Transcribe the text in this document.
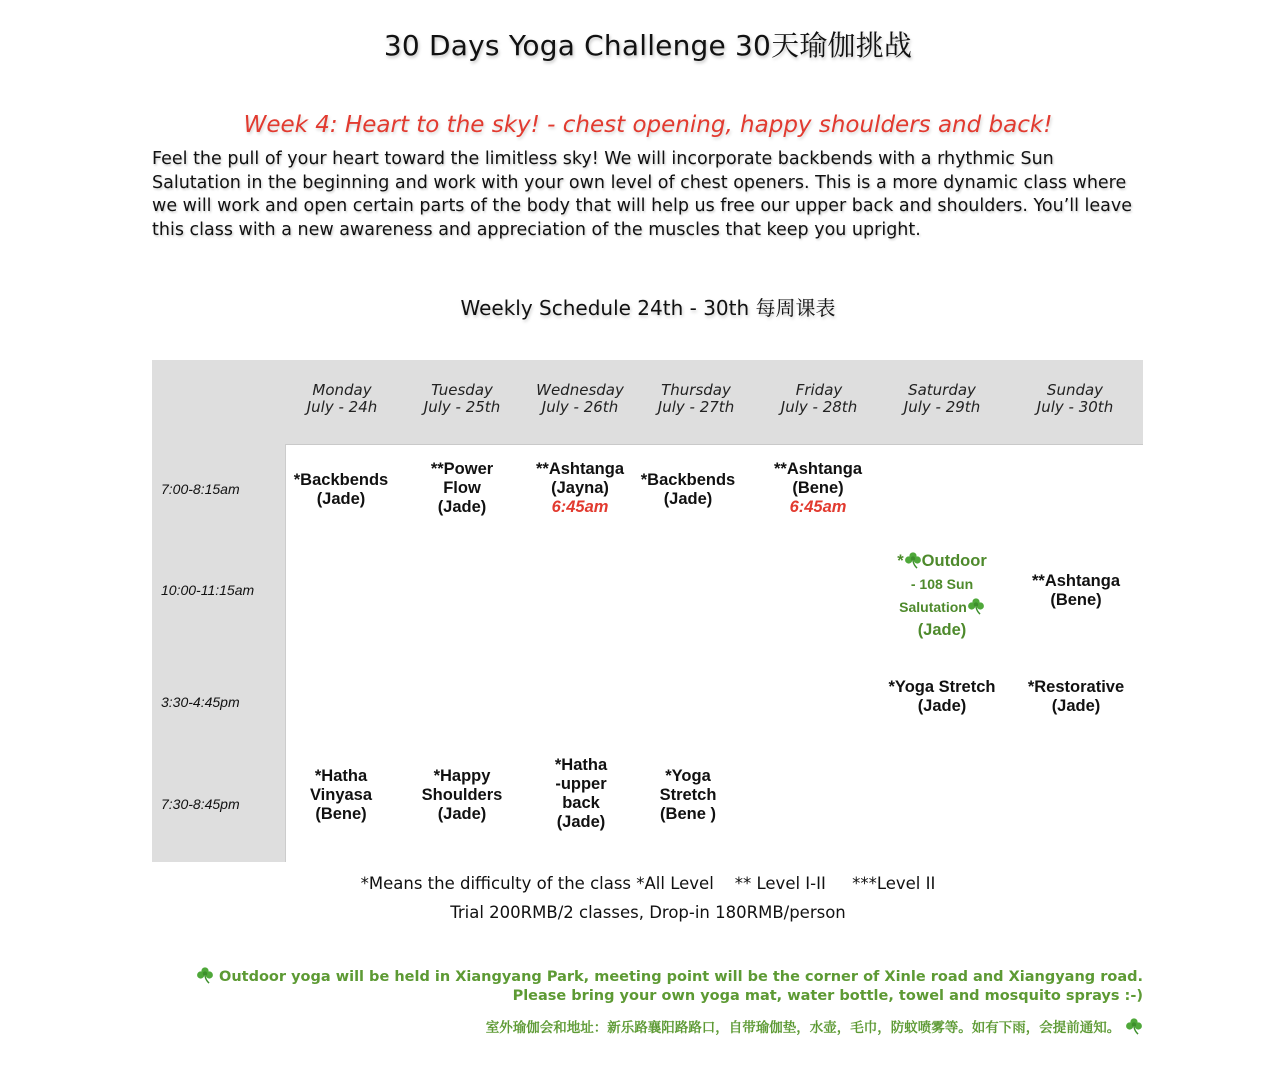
30 Days Yoga Challenge 30天瑜伽挑战
Week 4: Heart to the sky! - chest opening, happy shoulders and back!
Feel the pull of your heart toward the limitless sky! We will incorporate backbends with a rhythmic Sun Salutation in the beginning and work with your own level of chest openers. This is a more dynamic class where we will work and open certain parts of the body that will help us free our upper back and shoulders. You’ll leave this class with a new awareness and appreciation of the muscles that keep you upright.
Weekly Schedule 24th - 30th 每周课表
Monday
July - 24h
Tuesday
July - 25th
Wednesday
July - 26th
Thursday
July - 27th
Friday
July - 28th
Saturday
July - 29th
Sunday
July - 30th
7:00-8:15am
10:00-11:15am
3:30-4:45pm
7:30-8:45pm
*Backbends
(Jade)
**Power
Flow
(Jade)
**Ashtanga
(Jayna)
6:45am
*Backbends
(Jade)
**Ashtanga
(Bene)
6:45am
* Outdoor
- 108 Sun
Salutation
(Jade)
**Ashtanga
(Bene)
*Yoga Stretch
(Jade)
*Restorative
(Jade)
*Hatha
Vinyasa
(Bene)
*Happy
Shoulders
(Jade)
*Hatha
-upper
back
(Jade)
*Yoga
Stretch
(Bene )
*Means the difficulty of the class *All Level    ** Level I-II     ***Level II
Trial 200RMB/2 classes, Drop-in 180RMB/person
Outdoor yoga will be held in Xiangyang Park, meeting point will be the corner of Xinle road and Xiangyang road.
Please bring your own yoga mat, water bottle, towel and mosquito sprays :-)
室外瑜伽会和地址：新乐路襄阳路路口，自带瑜伽垫，水壶，毛巾，防蚊喷雾等。如有下雨，会提前通知。
